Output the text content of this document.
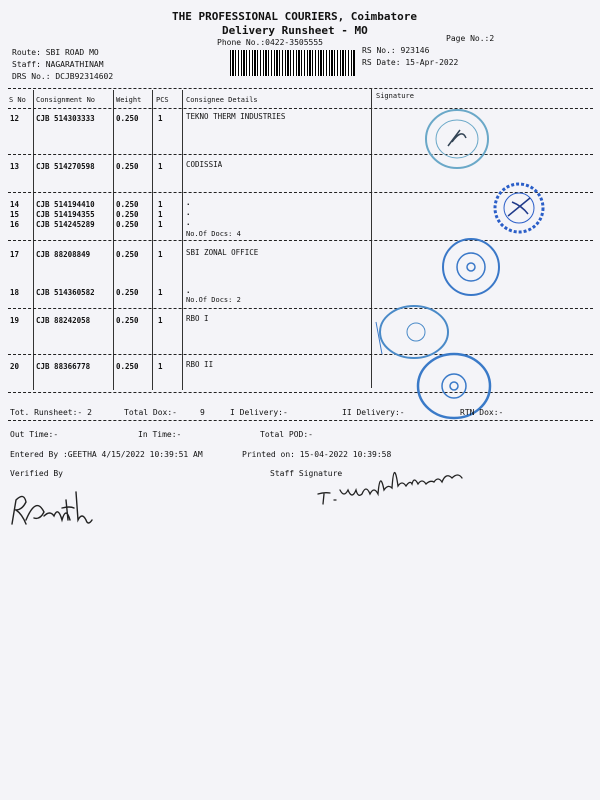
THE PROFESSIONAL COURIERS, Coimbatore
Delivery Runsheet - MO
Phone No.:0422-3505555	Page No.:2
Route: SBI ROAD MO
Staff: NAGARATHINAM
DRS No.: DCJB92314602
RS No.: 923146
RS Date: 15-Apr-2022
S No Consignment No	Weight PCS Consignee Details	Signature
12 CJB 514303333	0.250	1	TEKNO THERM INDUSTRIES
13 CJB 514270598	0.250	1	CODISSIA
14 CJB 514194410	0.250	1	.
15 CJB 514194355	0.250	1	.
16 CJB 514245289	0.250	1	.
No.Of Docs: 4
17 CJB 88208849	0.250	1	SBI ZONAL OFFICE
18 CJB 514360582	0.250	1	.
No.Of Docs: 2
19 CJB 88242058	0.250	1	RBO I
20 CJB 88366778	0.250	1	RBO II
Tot. Runsheet:- 2	Total Dox:-	9	I Delivery:-	II Delivery:-	RTN Dox:-
Out Time:-	In Time:-	Total POD:-
Entered By :GEETHA 4/15/2022 10:39:51 AM	Printed on: 15-04-2022 10:39:58
Verified By	Staff Signature
